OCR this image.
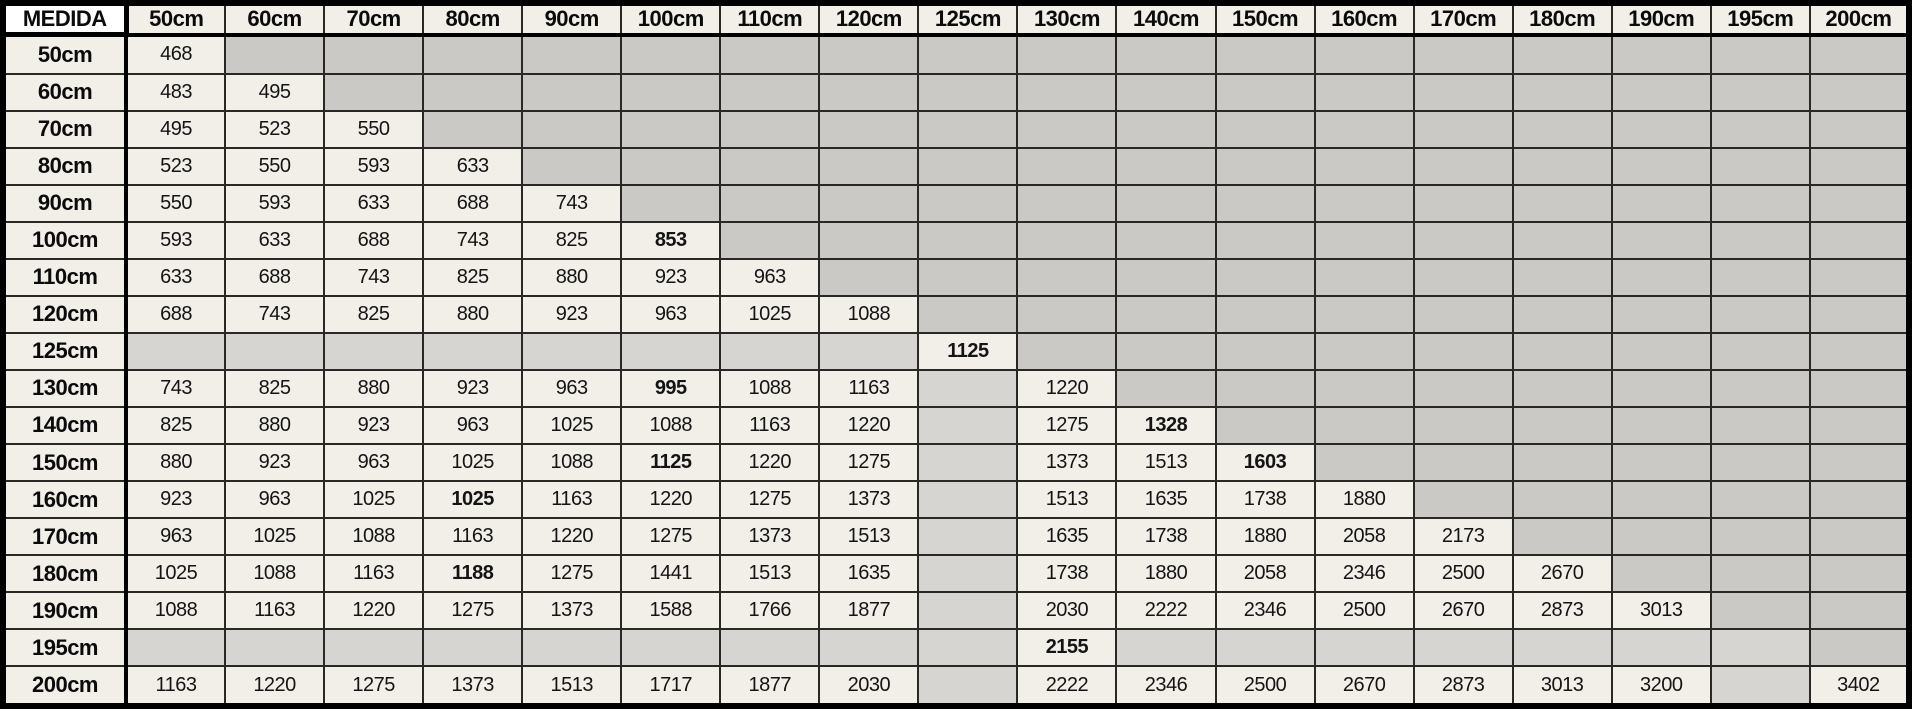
MEDIDA	50cm	60cm	70cm	80cm	90cm	100cm	110cm	120cm	125cm	130cm	140cm	150cm	160cm	170cm	180cm	190cm	195cm	200cm
50cm	468																	
60cm	483	495																
70cm	495	523	550															
80cm	523	550	593	633														
90cm	550	593	633	688	743													
100cm	593	633	688	743	825	853												
110cm	633	688	743	825	880	923	963											
120cm	688	743	825	880	923	963	1025	1088										
125cm									1125									
130cm	743	825	880	923	963	995	1088	1163		1220								
140cm	825	880	923	963	1025	1088	1163	1220		1275	1328							
150cm	880	923	963	1025	1088	1125	1220	1275		1373	1513	1603						
160cm	923	963	1025	1025	1163	1220	1275	1373		1513	1635	1738	1880					
170cm	963	1025	1088	1163	1220	1275	1373	1513		1635	1738	1880	2058	2173				
180cm	1025	1088	1163	1188	1275	1441	1513	1635		1738	1880	2058	2346	2500	2670			
190cm	1088	1163	1220	1275	1373	1588	1766	1877		2030	2222	2346	2500	2670	2873	3013		
195cm										2155								
200cm	1163	1220	1275	1373	1513	1717	1877	2030		2222	2346	2500	2670	2873	3013	3200		3402
